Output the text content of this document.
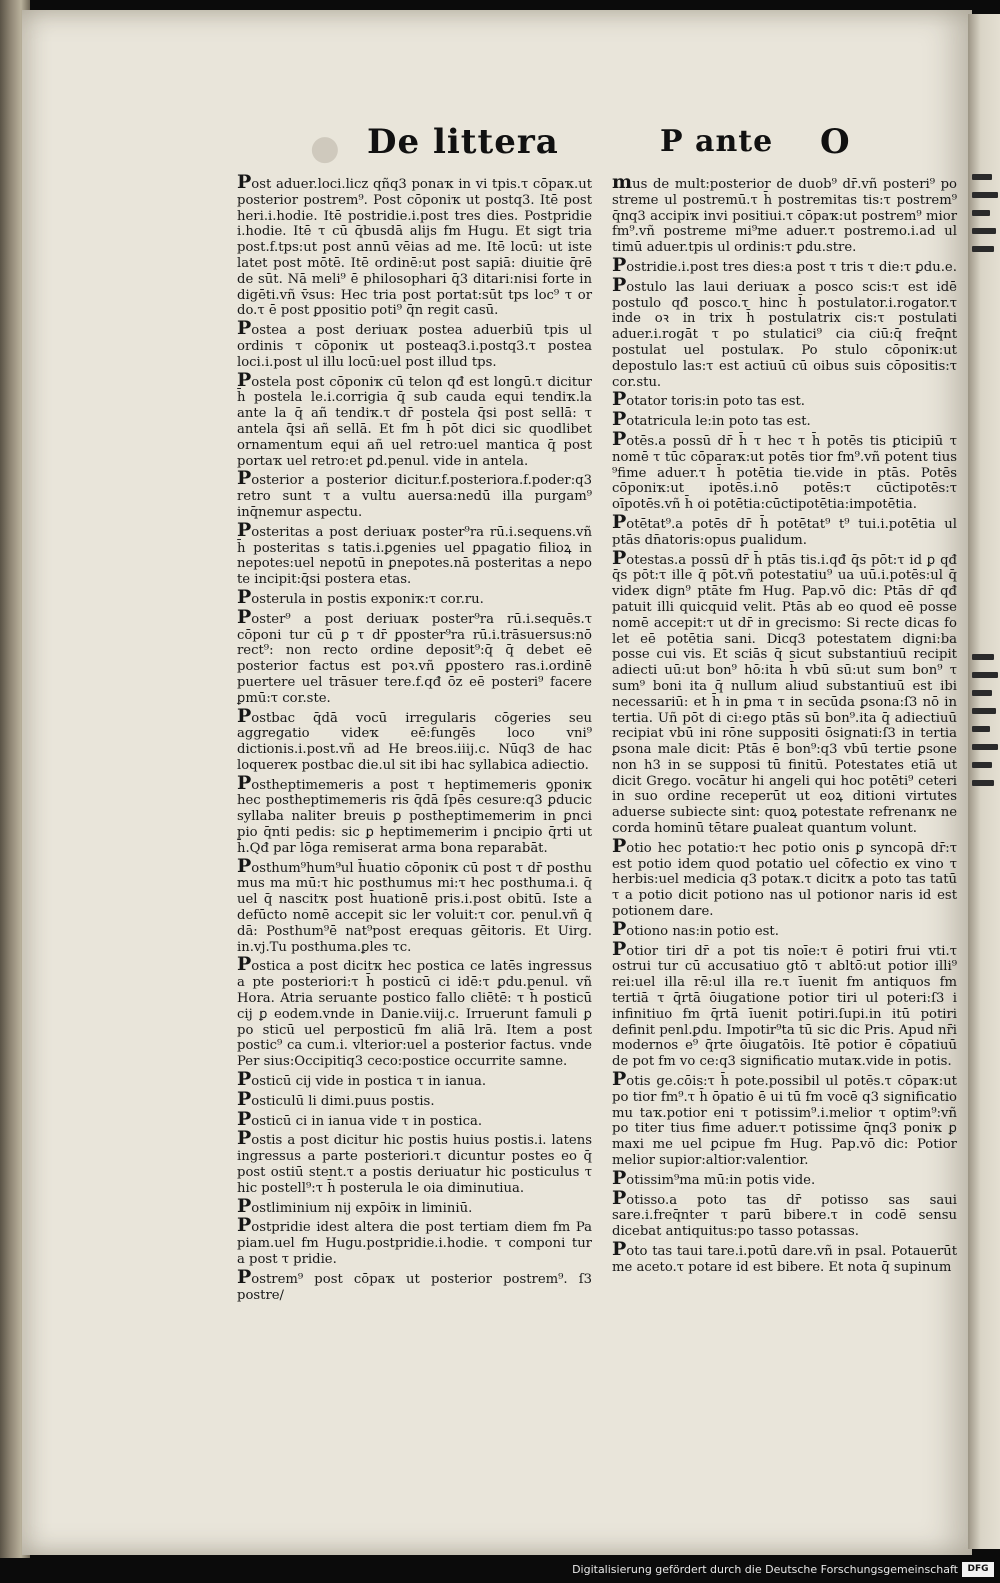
● De littera	P ante O

Post aduer.loci.licz qñq3 ponaҡ in vi tpis.τ cōpaҡ.ut posterior postrem⁹. Post cōponiҡ ut postq3. Itē post heri.i.hodie. Itē postridie.i.post tres dies. Postpridie i.hodie. Itē τ cū q̄busdā alijs fm Hugu. Et sigt tria post.f.tps:ut post annū vēias ad me. Itē locū: ut iste latet post mōtē. Itē ordinē:ut post sapiā: diuitie q̄rē de sūt. Nā meli⁹ ē philosophari q̄3 ditari:nisi forte in digēti.vñ v̄sus: Hec tria post portat:sūt tps loc⁹ τ or do.τ ē post ꝑpositio poti⁹ q̄n regit casū.

Postea a post deriuaҡ postea aduerbiū tpis ul ordinis τ cōponiҡ ut posteaq3.i.postq3.τ postea loci.i.post ul illu locū:uel post illud tps.

Postela post cōponiҡ cū telon qđ est longū.τ dicitur h̄ postela le.i.corrigia q̄ sub cauda equi tendiҡ.la ante la q̄ añ tendiҡ.τ dr̄ postela q̄si post sellā: τ antela q̄si añ sellā. Et fm h̄ pōt dici sic quodlibet ornamentum equi añ uel retro:uel mantica q̄ post portaҡ uel retro:et ꝑd.penul. vide in antela.

Posterior a posterior dicitur.f.posteriora.f.poder:q3 retro sunt τ a vultu auersa:nedū illa purgam⁹ inq̄nemur aspectu.

Posteritas a post deriuaҡ poster⁹ra rū.i.sequens.vñ h̄ posteritas s tatis.i.ꝑgenies uel ꝑpagatio filioꝝ in nepotes:uel nepotū in ꝑnepotes.nā posteritas a nepo te incipit:q̄si postera etas.

Posterula in postis exponiҡ:τ cor.ru.

Poster⁹ a post deriuaҡ poster⁹ra rū.i.sequēs.τ cōponi tur cū ꝑ τ dr̄ ꝑposter⁹ra rū.i.trāsuersus:nō rect⁹: non recto ordine deposit⁹:q̄ q̄ debet eē posterior factus est poꝛ.vñ ꝑpostero ras.i.ordinē puertere uel trāsuer tere.f.qđ ōz eē posteri⁹ facere ꝑmū:τ cor.ste.

Postbac q̄dā vocū irregularis cōgeries seu aggregatio videҡ eē:fungēs loco vni⁹ dictionis.i.post.vñ ad He breos.iiij.c. Nūq3 de hac loquereҡ postbac die.ul sit ibi hac syllabica adiectio.

Postheptimemeris a post τ heptimemeris ꝯponiҡ hec postheptimemeris ris q̄dā ſpēs cesure:q3 ꝑducic syllaba naliter breuis ꝑ postheptimemerim in ꝑnci pio q̄nti pedis: sic ꝑ heptimemerim i ꝑncipio q̄rti ut h̄.Qđ par lōga remiserat arma bona reparabāt.

Posthum⁹hum⁹ul h̄uatio cōponiҡ cū post τ dr̄ posthu mus ma mū:τ hic posthumus mi:τ hec posthuma.i. q̄ uel q̄ nascitҡ post h̄uationē pris.i.post obitū. Iste a defūcto nomē accepit sic ler voluit:τ cor. penul.vñ q̄ dā: Posthum⁹ē nat⁹post erequas gēitoris. Et Uirg. in.vj.Tu posthuma.ꝑles τc.

Postica a post dicitҡ hec postica ce latēs ingressus a pte posteriori:τ h̄ posticū ci idē:τ ꝑdu.penul. vñ Hora. Atria seruante postico fallo cliētē: τ h̄ posticū cij ꝑ eodem.vnde in Danie.viij.c. Irruerunt famuli ꝑ po sticū uel perposticū fm aliā lrā. Item a post postic⁹ ca cum.i. vlterior:uel a posterior factus. vnde Per sius:Occipitiq3 ceco:postice occurrite samne.

Posticū cij vide in postica τ in ianua.

Posticulū li dimi.puus postis.

Posticū ci in ianua vide τ in postica.

Postis a post dicitur hic postis huius postis.i. latens ingressus a parte posteriori.τ dicuntur postes eo q̄ post ostiū stent.τ a postis deriuatur hic posticulus τ hic postell⁹:τ h̄ posterula le oia diminutiua.

Postliminium nij expōiҡ in liminiū.

Postpridie idest altera die post tertiam diem fm Pa piam.uel fm Hugu.postpridie.i.hodie. τ componi tur a post τ pridie.

Postrem⁹ post cōpaҡ ut posterior postrem⁹. ſ3 postre/

mus de mult:posterior de duob⁹ dr̄.vñ posteri⁹ po streme ul postremū.τ h̄ postremitas tis:τ postrem⁹ q̄nq3 accipiҡ invi positiui.τ cōpaҡ:ut postrem⁹ mior fm⁹.vñ postreme mi⁹me aduer.τ postremo.i.ad ul timū aduer.tpis ul ordinis:τ ꝑdu.stre.

Postridie.i.post tres dies:a post τ tris τ die:τ ꝑdu.e.

Postulo las laui deriuaҡ a posco scis:τ est idē postulo qđ posco.τ hinc h̄ postulator.i.rogator.τ inde oꝛ in trix h̄ postulatrix cis:τ postulati aduer.i.rogāt τ po stulatici⁹ cia ciū:q̄ freq̄nt postulat uel postulaҡ. Po stulo cōponiҡ:ut depostulo las:τ est actiuū cū oibus suis cōpositis:τ cor.stu.

Potator toris:in poto tas est.

Potatricula le:in poto tas est.

Potēs.a possū dr̄ h̄ τ hec τ h̄ potēs tis ꝑticipiū τ nomē τ tūc cōparaҡ:ut potēs tior fm⁹.vñ potent tius ⁹fime aduer.τ h̄ potētia tie.vide in ptās. Potēs cōponiҡ:ut ipotēs.i.nō potēs:τ cūctipotēs:τ oīpotēs.vñ h̄ oi potētia:cūctipotētia:impotētia.

Potētat⁹.a potēs dr̄ h̄ potētat⁹ t⁹ tui.i.potētia ul ptās dn̄atoris:opus ꝑualidum.

Potestas.a possū dr̄ h̄ ptās tis.i.qđ q̄s pōt:τ id ꝑ qđ q̄s pōt:τ ille q̄ pōt.vñ potestatiu⁹ ua uū.i.potēs:ul q̄ videҡ dign⁹ ptāte fm Hug. Pap.vō dic: Ptās dr̄ qđ patuit illi quicquid velit. Ptās ab eo quod eē posse nomē accepit:τ ut dr̄ in grecismo: Si recte dicas fo let eē potētia sani. Dicq3 potestatem digni:ba posse cui vis. Et sciās q̄ sicut substantiuū recipit adiecti uū:ut bon⁹ hō:ita h̄ vbū sū:ut sum bon⁹ τ sum⁹ boni ita q̄ nullum aliud substantiuū est ibi necessariū: et h̄ in ꝑma τ in secūda ꝑsona:ſ3 nō in tertia. Uñ pōt di ci:ego ptās sū bon⁹.ita q̄ adiectiuū recipiat vbū ini rōne suppositi ōsignati:ſ3 in tertia ꝑsona male dicit: Ptās ē bon⁹:q3 vbū tertie ꝑsone non h3 in se supposi tū finitū. Potestates etiā ut dicit Grego. vocātur hi angeli qui hoc potēti⁹ ceteri in suo ordine receperūt ut eoꝝ ditioni virtutes aduerse subiecte sint: quoꝝ potestate refrenanҡ ne corda hominū tētare ꝑualeat quantum volunt.

Potio hec potatio:τ hec potio onis ꝑ syncopā dr̄:τ est potio idem quod potatio uel cōfectio ex vino τ herbis:uel medicia q3 potaҡ.τ dicitҡ a poto tas tatū τ a potio dicit potiono nas ul potionor naris id est potionem dare.

Potiono nas:in potio est.

Potior tiri dr̄ a pot tis noīe:τ ē potiri frui vti.τ ostrui tur cū accusatiuo gtō τ abltō:ut potior illi⁹ rei:uel illa rē:ul illa re.τ īuenit fm antiquos fm tertiā τ q̄rtā ōiugatione potior tiri ul poteri:ſ3 i infinitiuo fm q̄rtā īuenit potiri.ſupi.in itū potiri definit penl.ꝑdu. Impotir⁹ta tū sic dic Pris. Apud nr̄i modernos e⁹ q̄rte ōiugatōis. Itē potior ē cōpatiuū de pot fm vo ce:q3 significatio mutaҡ.vide in potis.

Potis ge.cōis:τ h̄ pote.possibil ul potēs.τ cōpaҡ:ut po tior fm⁹.τ h̄ ōpatio ē ui tū fm vocē q3 significatio mu taҡ.potior eni τ potissim⁹.i.melior τ optim⁹:vñ po titer tius fime aduer.τ potissime q̄nq3 poniҡ ꝑ maxi me uel ꝑcipue fm Hug. Pap.vō dic: Potior melior supior:altior:valentior.

Potissim⁹ma mū:in potis vide.

Potisso.a poto tas dr̄ potisso sas saui sare.i.freq̄nter τ parū bibere.τ in codē sensu dicebat antiquitus:po tasso potassas.

Poto tas taui tare.i.potū dare.vñ in psal. Potauerūt me aceto.τ potare id est bibere. Et nota q̄ supinum

Digitalisierung gefördert durch die Deutsche Forschungsgemeinschaft	DFG
